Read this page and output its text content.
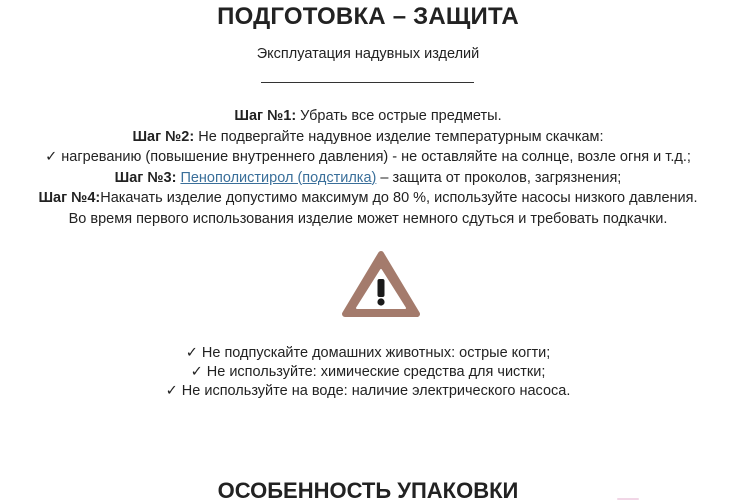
ПОДГОТОВКА – ЗАЩИТА
Эксплуатация надувных изделий
Шаг №1: Убрать все острые предметы.
Шаг №2: Не подвергайте надувное изделие температурным скачкам:
✓ нагреванию (повышение внутреннего давления) - не оставляйте на солнце, возле огня и т.д.;
Шаг №3: Пенополистирол (подстилка) – защита от проколов, загрязнения;
Шаг №4:Накачать изделие допустимо максимум до 80 %, используйте насосы низкого давления.
Во время первого использования изделие может немного сдуться и требовать подкачки.
✓ Не подпускайте домашних животных: острые когти;
✓ Не используйте: химические средства для чистки;
✓ Не используйте на воде: наличие электрического насоса.
ОСОБЕННОСТЬ УПАКОВКИ
